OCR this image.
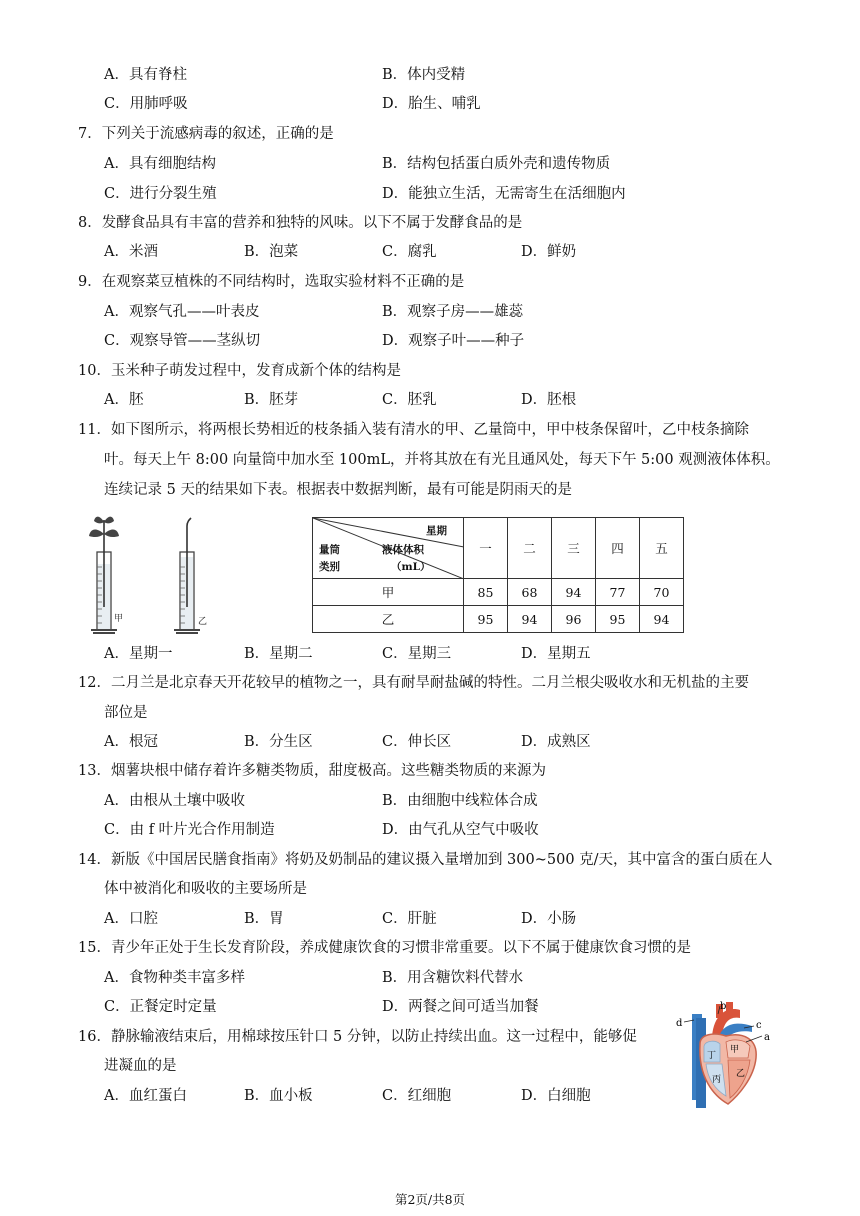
A．具有脊柱	B．体内受精
C．用肺呼吸	D．胎生、哺乳
7．下列关于流感病毒的叙述，正确的是
A．具有细胞结构	B．结构包括蛋白质外壳和遗传物质
C．进行分裂生殖	D．能独立生活，无需寄生在活细胞内
8．发酵食品具有丰富的营养和独特的风味。以下不属于发酵食品的是
A．米酒	B．泡菜	C．腐乳	D．鲜奶
9．在观察菜豆植株的不同结构时，选取实验材料不正确的是
A．观察气孔——叶表皮	B．观察子房——雄蕊
C．观察导管——茎纵切	D．观察子叶——种子
10．玉米种子萌发过程中，发育成新个体的结构是
A．胚	B．胚芽	C．胚乳	D．胚根
11．如下图所示，将两根长势相近的枝条插入装有清水的甲、乙量筒中，甲中枝条保留叶，乙中枝条摘除
叶。每天上午 8:00 向量筒中加水至 100mL，并将其放在有光且通风处，每天下午 5:00 观测液体体积。
连续记录 5 天的结果如下表。根据表中数据判断，最有可能是阴雨天的是
甲	乙
星期
液体体积
（mL）
量筒
类别	一	二	三	四	五
甲	85	68	94	77	70
乙	95	94	96	95	94
A．星期一	B．星期二	C．星期三	D．星期五
12．二月兰是北京春天开花较早的植物之一，具有耐旱耐盐碱的特性。二月兰根尖吸收水和无机盐的主要
部位是
A．根冠	B．分生区	C．伸长区	D．成熟区
13．烟薯块根中储存着许多糖类物质，甜度极高。这些糖类物质的来源为
A．由根从土壤中吸收	B．由细胞中线粒体合成
C．由 f 叶片光合作用制造	D．由气孔从空气中吸收
14．新版《中国居民膳食指南》将奶及奶制品的建议摄入量增加到 300~500 克/天，其中富含的蛋白质在人
体中被消化和吸收的主要场所是
A．口腔	B．胃	C．肝脏	D．小肠
15．青少年正处于生长发育阶段，养成健康饮食的习惯非常重要。以下不属于健康饮食习惯的是
A．食物种类丰富多样	B．用含糖饮料代替水
C．正餐定时定量	D．两餐之间可适当加餐
16．静脉输液结束后，用棉球按压针口 5 分钟，以防止持续出血。这一过程中，能够促
进凝血的是
A．血红蛋白	B．血小板	C．红细胞	D．白细胞
b
d	c
a
甲
乙
丙
丁
第2页/共8页
